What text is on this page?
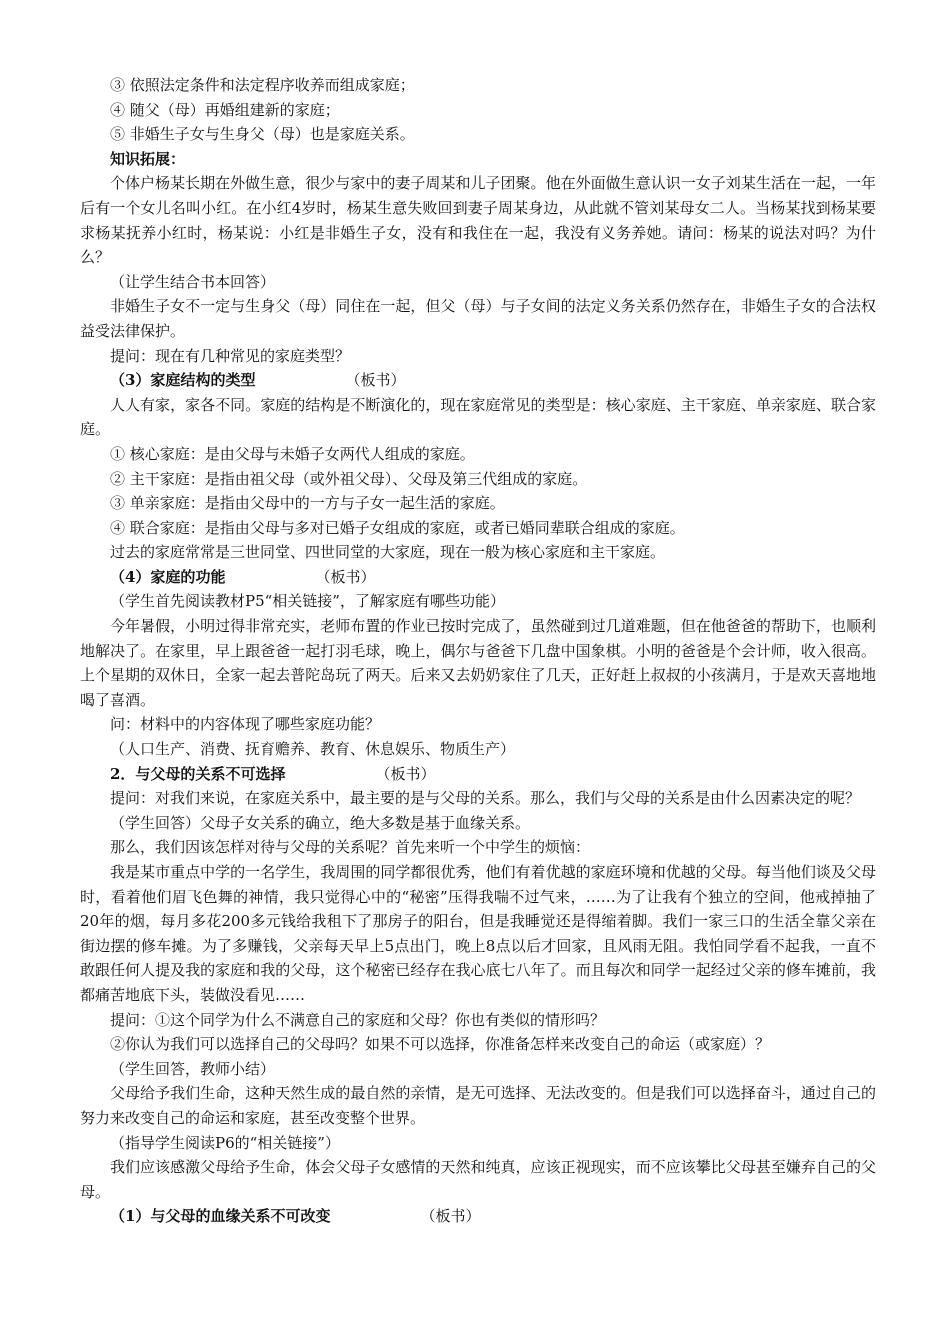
③ 依照法定条件和法定程序收养而组成家庭；

④ 随父（母）再婚组建新的家庭；

⑤ 非婚生子女与生身父（母）也是家庭关系。

知识拓展：

个体户杨某长期在外做生意，很少与家中的妻子周某和儿子团聚。他在外面做生意认识一女子刘某生活在一起，一年后有一个女儿名叫小红。在小红4岁时，杨某生意失败回到妻子周某身边，从此就不管刘某母女二人。当杨某找到杨某要求杨某抚养小红时，杨某说：小红是非婚生子女，没有和我住在一起，我没有义务养她。请问：杨某的说法对吗？为什么？

（让学生结合书本回答）

非婚生子女不一定与生身父（母）同住在一起，但父（母）与子女间的法定义务关系仍然存在，非婚生子女的合法权益受法律保护。

提问：现在有几种常见的家庭类型？

（3）家庭结构的类型	（板书）

人人有家，家各不同。家庭的结构是不断演化的，现在家庭常见的类型是：核心家庭、主干家庭、单亲家庭、联合家庭。

① 核心家庭：是由父母与未婚子女两代人组成的家庭。

② 主干家庭：是指由祖父母（或外祖父母）、父母及第三代组成的家庭。

③ 单亲家庭：是指由父母中的一方与子女一起生活的家庭。

④ 联合家庭：是指由父母与多对已婚子女组成的家庭，或者已婚同辈联合组成的家庭。

过去的家庭常常是三世同堂、四世同堂的大家庭，现在一般为核心家庭和主干家庭。

（4）家庭的功能	（板书）

（学生首先阅读教材P5“相关链接”，了解家庭有哪些功能）

今年暑假，小明过得非常充实，老师布置的作业已按时完成了，虽然碰到过几道难题，但在他爸爸的帮助下，也顺利地解决了。在家里，早上跟爸爸一起打羽毛球，晚上，偶尔与爸爸下几盘中国象棋。小明的爸爸是个会计师，收入很高。上个星期的双休日，全家一起去普陀岛玩了两天。后来又去奶奶家住了几天，正好赶上叔叔的小孩满月，于是欢天喜地地喝了喜酒。

问：材料中的内容体现了哪些家庭功能？

（人口生产、消费、抚育赡养、教育、休息娱乐、物质生产）

2．与父母的关系不可选择	（板书）

提问：对我们来说，在家庭关系中，最主要的是与父母的关系。那么，我们与父母的关系是由什么因素决定的呢？

（学生回答）父母子女关系的确立，绝大多数是基于血缘关系。

那么，我们因该怎样对待与父母的关系呢？首先来听一个中学生的烦恼：

我是某市重点中学的一名学生，我周围的同学都很优秀，他们有着优越的家庭环境和优越的父母。每当他们谈及父母时，看着他们眉飞色舞的神情，我只觉得心中的“秘密”压得我喘不过气来，……为了让我有个独立的空间，他戒掉抽了20年的烟，每月多花200多元钱给我租下了那房子的阳台，但是我睡觉还是得缩着脚。我们一家三口的生活全靠父亲在街边摆的修车摊。为了多赚钱，父亲每天早上5点出门，晚上8点以后才回家，且风雨无阻。我怕同学看不起我，一直不敢跟任何人提及我的家庭和我的父母，这个秘密已经存在我心底七八年了。而且每次和同学一起经过父亲的修车摊前，我都痛苦地底下头，装做没看见……

提问：①这个同学为什么不满意自己的家庭和父母？你也有类似的情形吗？

②你认为我们可以选择自己的父母吗？如果不可以选择，你准备怎样来改变自己的命运（或家庭）？

（学生回答，教师小结）

父母给予我们生命，这种天然生成的最自然的亲情，是无可选择、无法改变的。但是我们可以选择奋斗，通过自己的努力来改变自己的命运和家庭，甚至改变整个世界。

（指导学生阅读P6的“相关链接”）

我们应该感激父母给予生命，体会父母子女感情的天然和纯真，应该正视现实，而不应该攀比父母甚至嫌弃自己的父母。

（1）与父母的血缘关系不可改变	（板书）
